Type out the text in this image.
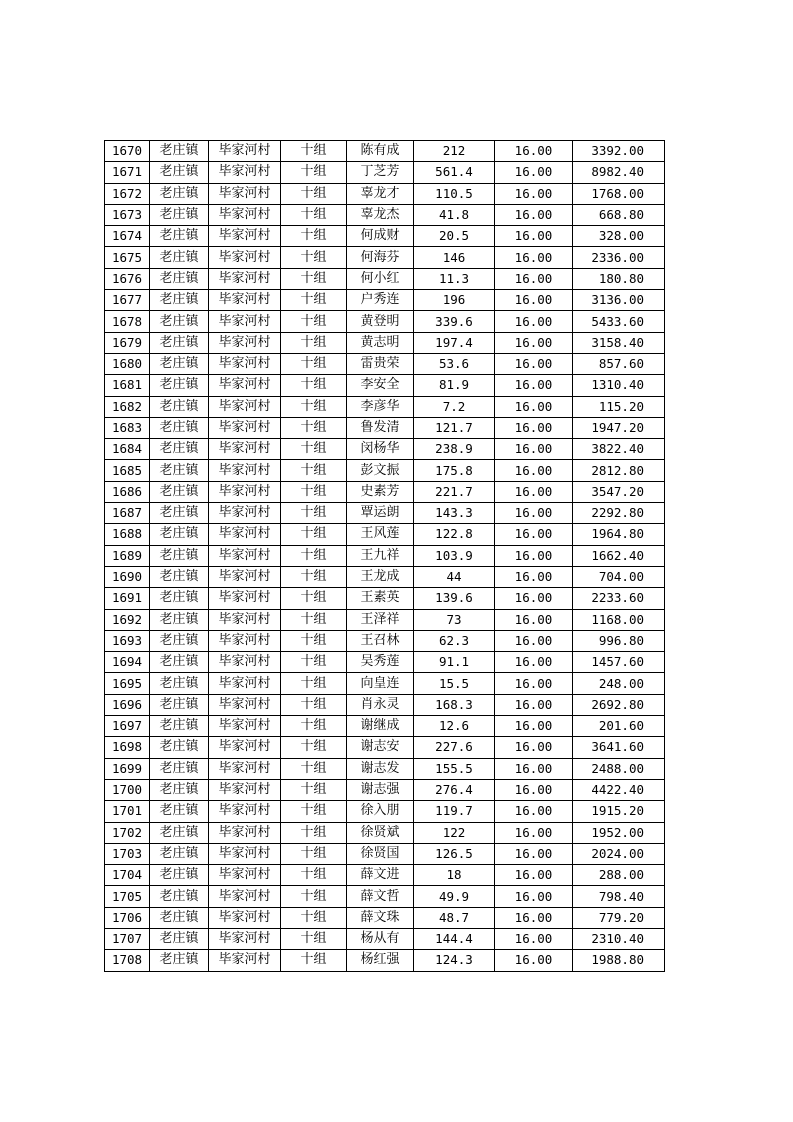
1670	老庄镇	毕家河村	十组	陈有成	212	16.00	3392.00
1671	老庄镇	毕家河村	十组	丁芝芳	561.4	16.00	8982.40
1672	老庄镇	毕家河村	十组	辜龙才	110.5	16.00	1768.00
1673	老庄镇	毕家河村	十组	辜龙杰	41.8	16.00	668.80
1674	老庄镇	毕家河村	十组	何成财	20.5	16.00	328.00
1675	老庄镇	毕家河村	十组	何海芬	146	16.00	2336.00
1676	老庄镇	毕家河村	十组	何小红	11.3	16.00	180.80
1677	老庄镇	毕家河村	十组	户秀连	196	16.00	3136.00
1678	老庄镇	毕家河村	十组	黄登明	339.6	16.00	5433.60
1679	老庄镇	毕家河村	十组	黄志明	197.4	16.00	3158.40
1680	老庄镇	毕家河村	十组	雷贵荣	53.6	16.00	857.60
1681	老庄镇	毕家河村	十组	李安全	81.9	16.00	1310.40
1682	老庄镇	毕家河村	十组	李彦华	7.2	16.00	115.20
1683	老庄镇	毕家河村	十组	鲁发清	121.7	16.00	1947.20
1684	老庄镇	毕家河村	十组	闵杨华	238.9	16.00	3822.40
1685	老庄镇	毕家河村	十组	彭文振	175.8	16.00	2812.80
1686	老庄镇	毕家河村	十组	史素芳	221.7	16.00	3547.20
1687	老庄镇	毕家河村	十组	覃运朗	143.3	16.00	2292.80
1688	老庄镇	毕家河村	十组	王风莲	122.8	16.00	1964.80
1689	老庄镇	毕家河村	十组	王九祥	103.9	16.00	1662.40
1690	老庄镇	毕家河村	十组	王龙成	44	16.00	704.00
1691	老庄镇	毕家河村	十组	王素英	139.6	16.00	2233.60
1692	老庄镇	毕家河村	十组	王泽祥	73	16.00	1168.00
1693	老庄镇	毕家河村	十组	王召林	62.3	16.00	996.80
1694	老庄镇	毕家河村	十组	吴秀莲	91.1	16.00	1457.60
1695	老庄镇	毕家河村	十组	向皇连	15.5	16.00	248.00
1696	老庄镇	毕家河村	十组	肖永灵	168.3	16.00	2692.80
1697	老庄镇	毕家河村	十组	谢继成	12.6	16.00	201.60
1698	老庄镇	毕家河村	十组	谢志安	227.6	16.00	3641.60
1699	老庄镇	毕家河村	十组	谢志发	155.5	16.00	2488.00
1700	老庄镇	毕家河村	十组	谢志强	276.4	16.00	4422.40
1701	老庄镇	毕家河村	十组	徐入朋	119.7	16.00	1915.20
1702	老庄镇	毕家河村	十组	徐贤斌	122	16.00	1952.00
1703	老庄镇	毕家河村	十组	徐贤国	126.5	16.00	2024.00
1704	老庄镇	毕家河村	十组	薛文进	18	16.00	288.00
1705	老庄镇	毕家河村	十组	薛文哲	49.9	16.00	798.40
1706	老庄镇	毕家河村	十组	薛文珠	48.7	16.00	779.20
1707	老庄镇	毕家河村	十组	杨从有	144.4	16.00	2310.40
1708	老庄镇	毕家河村	十组	杨红强	124.3	16.00	1988.80
